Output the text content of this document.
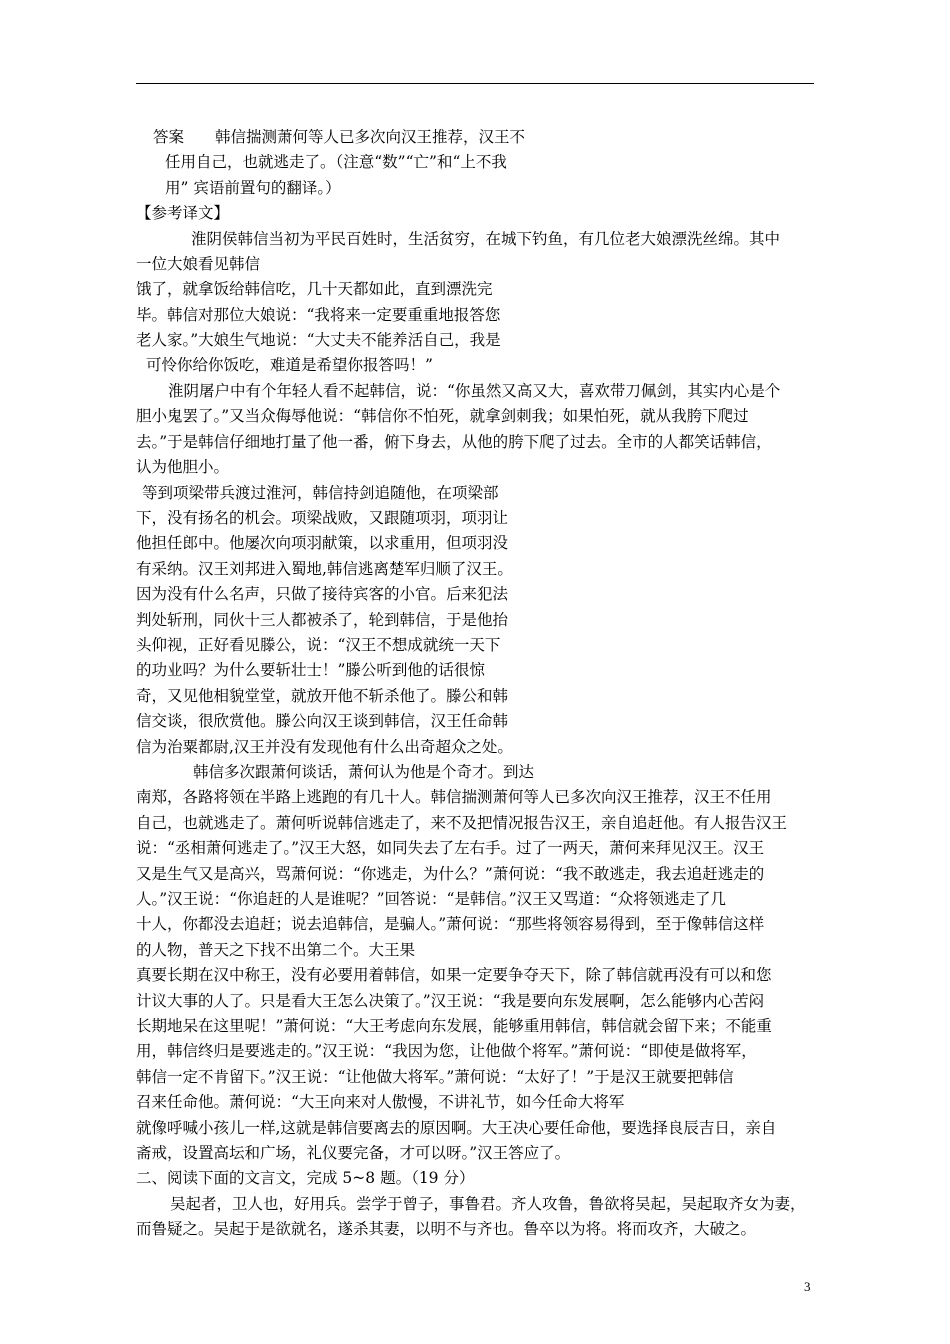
答案　　韩信揣测萧何等人已多次向汉王推荐，汉王不
任用自己，也就逃走了。（注意“数”“亡”和“上不我
用” 宾语前置句的翻译。）
【参考译文】
淮阴侯韩信当初为平民百姓时，生活贫穷，在城下钓鱼，有几位老大娘漂洗丝绵。其中
一位大娘看见韩信
饿了，就拿饭给韩信吃，几十天都如此，直到漂洗完
毕。韩信对那位大娘说：“我将来一定要重重地报答您
老人家。”大娘生气地说：“大丈夫不能养活自己，我是
可怜你给你饭吃，难道是希望你报答吗！”
淮阴屠户中有个年轻人看不起韩信，说：“你虽然又高又大，喜欢带刀佩剑，其实内心是个
胆小鬼罢了。”又当众侮辱他说：“韩信你不怕死，就拿剑刺我；如果怕死，就从我胯下爬过
去。”于是韩信仔细地打量了他一番，俯下身去，从他的胯下爬了过去。全市的人都笑话韩信，
认为他胆小。
等到项梁带兵渡过淮河，韩信持剑追随他，在项梁部
下，没有扬名的机会。项梁战败，又跟随项羽，项羽让
他担任郎中。他屡次向项羽献策，以求重用，但项羽没
有采纳。汉王刘邦进入蜀地,韩信逃离楚军归顺了汉王。
因为没有什么名声，只做了接待宾客的小官。后来犯法
判处斩刑，同伙十三人都被杀了，轮到韩信，于是他抬
头仰视，正好看见滕公，说：“汉王不想成就统一天下
的功业吗？为什么要斩壮士！”滕公听到他的话很惊
奇，又见他相貌堂堂，就放开他不斩杀他了。滕公和韩
信交谈，很欣赏他。滕公向汉王谈到韩信，汉王任命韩
信为治粟都尉,汉王并没有发现他有什么出奇超众之处。
韩信多次跟萧何谈话，萧何认为他是个奇才。到达
南郑，各路将领在半路上逃跑的有几十人。韩信揣测萧何等人已多次向汉王推荐，汉王不任用
自己，也就逃走了。萧何听说韩信逃走了，来不及把情况报告汉王，亲自追赶他。有人报告汉王
说：“丞相萧何逃走了。”汉王大怒，如同失去了左右手。过了一两天，萧何来拜见汉王。汉王
又是生气又是高兴，骂萧何说：“你逃走，为什么？”萧何说：“我不敢逃走，我去追赶逃走的
人。”汉王说：“你追赶的人是谁呢？”回答说：“是韩信。”汉王又骂道：“众将领逃走了几
十人，你都没去追赶；说去追韩信，是骗人。”萧何说：“那些将领容易得到，至于像韩信这样
的人物，普天之下找不出第二个。大王果
真要长期在汉中称王，没有必要用着韩信，如果一定要争夺天下，除了韩信就再没有可以和您
计议大事的人了。只是看大王怎么决策了。”汉王说：“我是要向东发展啊，怎么能够内心苦闷
长期地呆在这里呢！”萧何说：“大王考虑向东发展，能够重用韩信，韩信就会留下来；不能重
用，韩信终归是要逃走的。”汉王说：“我因为您，让他做个将军。”萧何说：“即使是做将军，
韩信一定不肯留下。”汉王说：“让他做大将军。”萧何说：“太好了！”于是汉王就要把韩信
召来任命他。萧何说：“大王向来对人傲慢，不讲礼节，如今任命大将军
就像呼喊小孩儿一样,这就是韩信要离去的原因啊。大王决心要任命他，要选择良辰吉日，亲自
斋戒，设置高坛和广场，礼仪要完备，才可以呀。”汉王答应了。
二、阅读下面的文言文，完成 5~8 题。（19 分）
吴起者，卫人也，好用兵。尝学于曾子，事鲁君。齐人攻鲁，鲁欲将吴起，吴起取齐女为妻，
而鲁疑之。吴起于是欲就名，遂杀其妻，以明不与齐也。鲁卒以为将。将而攻齐，大破之。
3
